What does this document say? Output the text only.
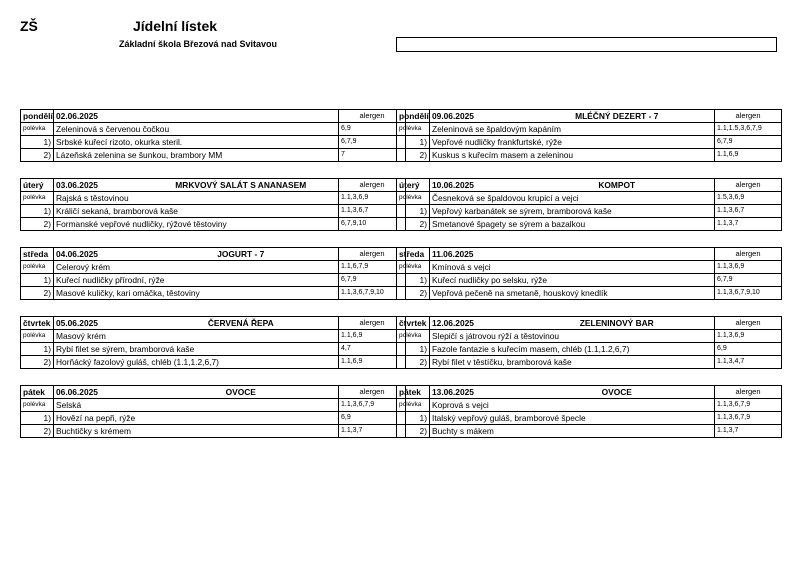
ZŠ	Jídelní lístek
Základní škola Březová nad Svitavou
pondělí	02.06.2025		alergen
polévka	Zeleninová s červenou čočkou		6,9
1)	Srbské kuřecí rizoto, okurka steril.		6,7,9
2)	Lázeňská zelenina se šunkou, brambory MM		7
úterý	03.06.2025	MRKVOVÝ SALÁT S ANANASEM	alergen
polévka	Rajská s těstovinou		1.1,3,6,9
1)	Králičí sekaná, bramborová kaše		1.1,3,6,7
2)	Formanské vepřové nudličky, rýžové těstoviny		6,7,9,10
středa	04.06.2025	JOGURT - 7	alergen
polévka	Celerový krém		1.1,6,7,9
1)	Kuřecí nudličky přírodní, rýže		6,7,9
2)	Masové kuličky, kari omáčka, těstoviny		1.1,3,6,7,9,10
čtvrtek	05.06.2025	ČERVENÁ ŘEPA	alergen
polévka	Masový krém		1.1,6,9
1)	Rybí filet se sýrem, bramborová kaše		4,7
2)	Horňácký fazolový guláš, chléb (1.1,1.2,6,7)		1.1,6,9
pátek	06.06.2025	OVOCE	alergen
polévka	Selská		1.1,3,6,7,9
1)	Hovězí na pepři, rýže		6,9
2)	Buchtičky s krémem		1.1,3,7
pondělí	09.06.2025	MLÉČNÝ DEZERT - 7	alergen
polévka	Zeleninová se špaldovým kapáním		1.1,1.5,3,6,7,9
1)	Vepřové nudličky frankfurtské, rýže		6,7,9
2)	Kuskus s kuřecím masem a zeleninou		1.1,6,9
úterý	10.06.2025	KOMPOT	alergen
polévka	Česneková se špaldovou krupicí a vejci		1.5,3,6,9
1)	Vepřový karbanátek se sýrem, bramborová kaše		1.1,3,6,7
2)	Smetanové špagety se sýrem a bazalkou		1.1,3,7
středa	11.06.2025		alergen
polévka	Kmínová s vejci		1.1,3,6,9
1)	Kuřecí nudličky po selsku, rýže		6,7,9
2)	Vepřová pečeně na smetaně, houskový knedlík		1.1,3,6,7,9,10
čtvrtek	12.06.2025	ZELENINOVÝ BAR	alergen
polévka	Slepičí s játrovou rýží a těstovinou		1.1,3,6,9
1)	Fazole fantazie s kuřecím masem, chléb (1.1,1.2,6,7)		6,9
2)	Rybí filet v těstíčku, bramborová kaše		1.1,3,4,7
pátek	13.06.2025	OVOCE	alergen
polévka	Koprová s vejci		1.1,3,6,7,9
1)	Italský vepřový guláš, bramborové špecle		1.1,3,6,7,9
2)	Buchty s mákem		1.1,3,7
